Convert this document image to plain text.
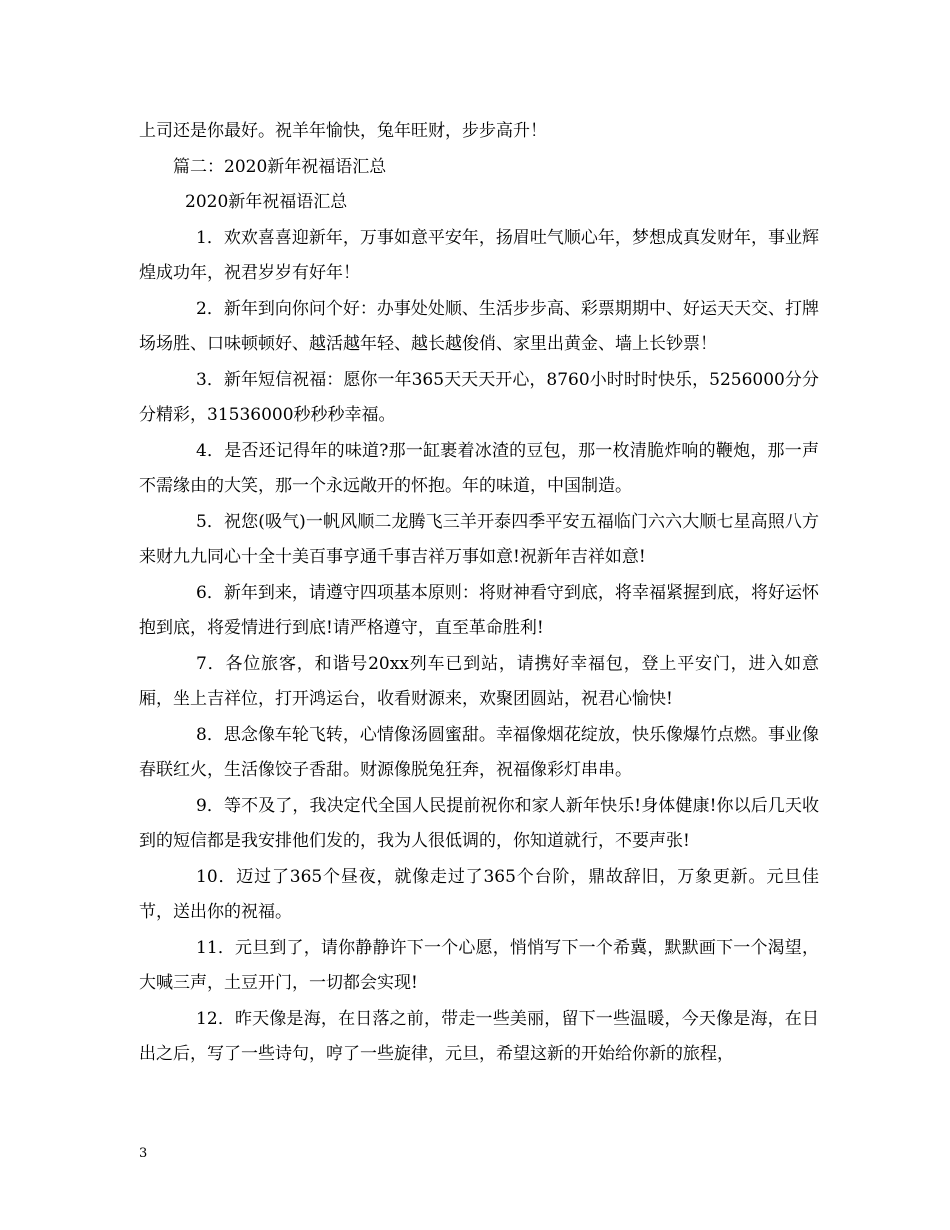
上司还是你最好。祝羊年愉快，兔年旺财，步步高升！

篇二：2020新年祝福语汇总

2020新年祝福语汇总

1．欢欢喜喜迎新年，万事如意平安年，扬眉吐气顺心年，梦想成真发财年，事业辉煌成功年，祝君岁岁有好年！

2．新年到向你问个好：办事处处顺、生活步步高、彩票期期中、好运天天交、打牌场场胜、口味顿顿好、越活越年轻、越长越俊俏、家里出黄金、墙上长钞票！

3．新年短信祝福：愿你一年365天天天开心，8760小时时时快乐，5256000分分分精彩，31536000秒秒秒幸福。

4．是否还记得年的味道?那一缸裹着冰渣的豆包，那一枚清脆炸响的鞭炮，那一声不需缘由的大笑，那一个永远敞开的怀抱。年的味道，中国制造。

5．祝您(吸气)一帆风顺二龙腾飞三羊开泰四季平安五福临门六六大顺七星高照八方来财九九同心十全十美百事亨通千事吉祥万事如意!祝新年吉祥如意!

6．新年到来，请遵守四项基本原则：将财神看守到底，将幸福紧握到底，将好运怀抱到底，将爱情进行到底!请严格遵守，直至革命胜利!

7．各位旅客，和谐号20xx列车已到站，请携好幸福包，登上平安门，进入如意厢，坐上吉祥位，打开鸿运台，收看财源来，欢聚团圆站，祝君心愉快!

8．思念像车轮飞转，心情像汤圆蜜甜。幸福像烟花绽放，快乐像爆竹点燃。事业像春联红火，生活像饺子香甜。财源像脱兔狂奔，祝福像彩灯串串。

9．等不及了，我决定代全国人民提前祝你和家人新年快乐!身体健康!你以后几天收到的短信都是我安排他们发的，我为人很低调的，你知道就行，不要声张!

10．迈过了365个昼夜，就像走过了365个台阶，鼎故辞旧，万象更新。元旦佳节，送出你的祝福。

11．元旦到了，请你静静许下一个心愿，悄悄写下一个希冀，默默画下一个渴望，大喊三声，土豆开门，一切都会实现!

12．昨天像是海，在日落之前，带走一些美丽，留下一些温暖，今天像是海，在日出之后，写了一些诗句，哼了一些旋律，元旦，希望这新的开始给你新的旅程，

3
